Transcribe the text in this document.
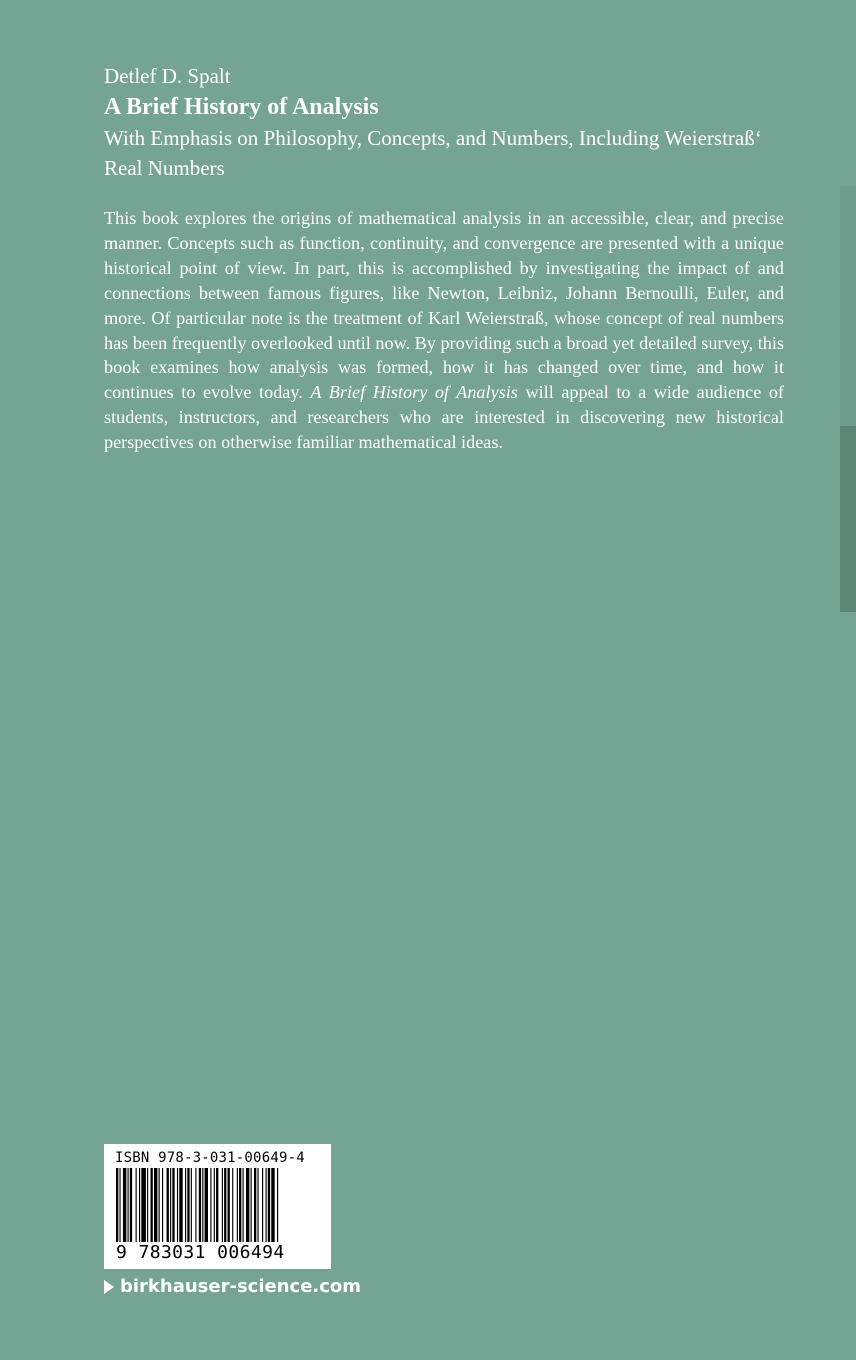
Detlef D. Spalt
A Brief History of Analysis
With Emphasis on Philosophy, Concepts, and Numbers, Including Weierstraß‘ Real Numbers

This book explores the origins of mathematical analysis in an accessible, clear, and precise manner. Concepts such as function, continuity, and convergence are presented with a unique historical point of view. In part, this is accomplished by investigating the impact of and connections between famous figures, like Newton, Leibniz, Johann Bernoulli, Euler, and more. Of particular note is the treatment of Karl Weierstraß, whose concept of real numbers has been frequently overlooked until now. By providing such a broad yet detailed survey, this book examines how analysis was formed, how it has changed over time, and how it continues to evolve today. A Brief History of Analysis will appeal to a wide audience of students, instructors, and researchers who are interested in discovering new historical perspectives on otherwise familiar mathematical ideas.

ISBN 978-3-031-00649-4
9 783031 006494
birkhauser-science.com
